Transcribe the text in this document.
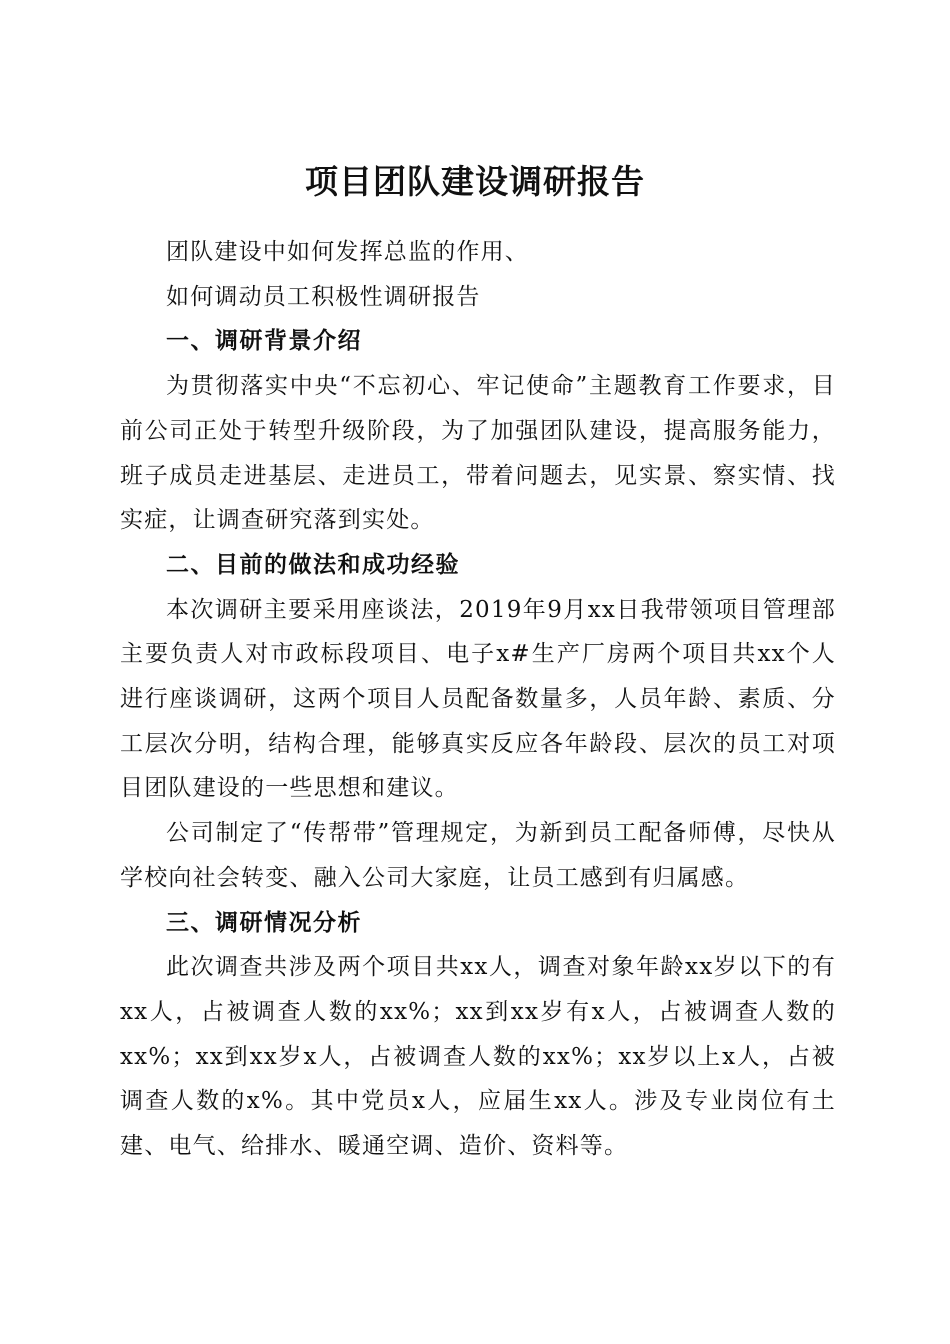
项目团队建设调研报告

团队建设中如何发挥总监的作用、

如何调动员工积极性调研报告

一、调研背景介绍

为贯彻落实中央“不忘初心、牢记使命”主题教育工作要求，目前公司正处于转型升级阶段，为了加强团队建设，提高服务能力，班子成员走进基层、走进员工，带着问题去，见实景、察实情、找实症，让调查研究落到实处。

二、目前的做法和成功经验

本次调研主要采用座谈法，2019年9月xx日我带领项目管理部主要负责人对市政标段项目、电子x#生产厂房两个项目共xx个人进行座谈调研，这两个项目人员配备数量多，人员年龄、素质、分工层次分明，结构合理，能够真实反应各年龄段、层次的员工对项目团队建设的一些思想和建议。

公司制定了“传帮带”管理规定，为新到员工配备师傅，尽快从学校向社会转变、融入公司大家庭，让员工感到有归属感。

三、调研情况分析

此次调查共涉及两个项目共xx人，调查对象年龄xx岁以下的有xx人，占被调查人数的xx%；xx到xx岁有x人，占被调查人数的xx%；xx到xx岁x人，占被调查人数的xx%；xx岁以上x人，占被调查人数的x%。其中党员x人，应届生xx人。涉及专业岗位有土建、电气、给排水、暖通空调、造价、资料等。
